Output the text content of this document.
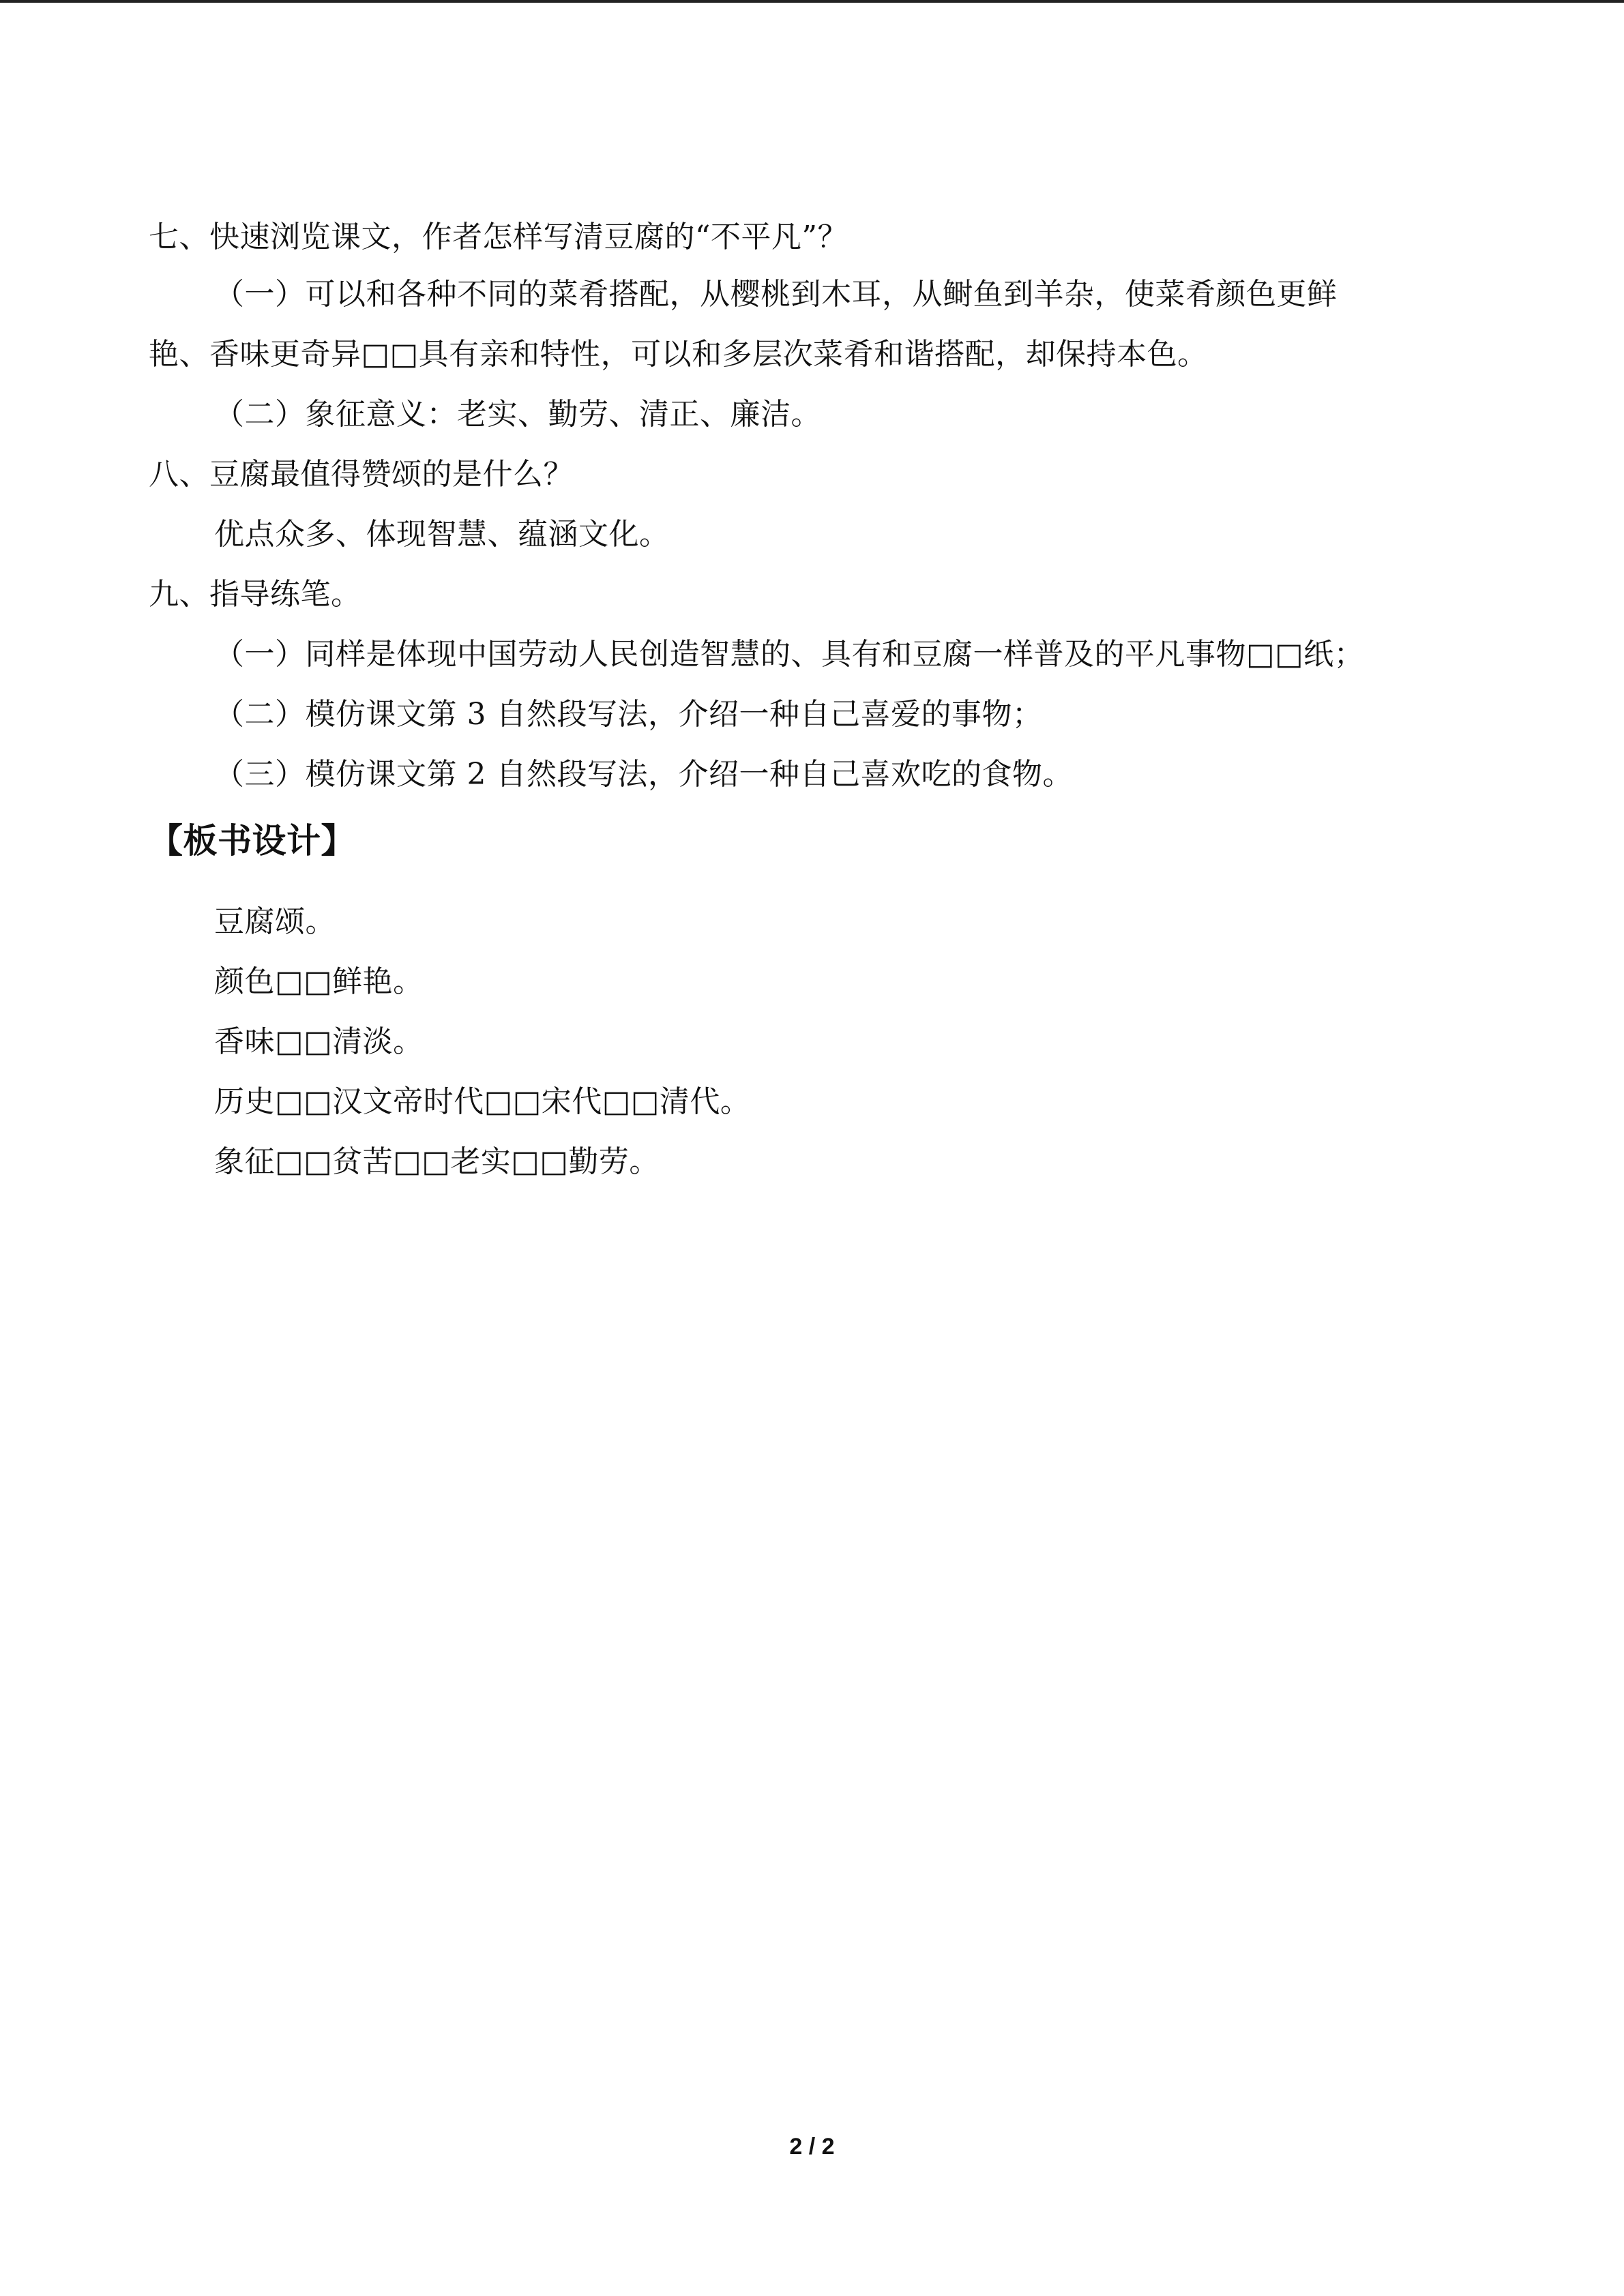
七、快速浏览课文，作者怎样写清豆腐的“不平凡”？
（一）可以和各种不同的菜肴搭配，从樱桃到木耳，从鲥鱼到羊杂，使菜肴颜色更鲜
艳、香味更奇异□□具有亲和特性，可以和多层次菜肴和谐搭配，却保持本色。
（二）象征意义：老实、勤劳、清正、廉洁。
八、豆腐最值得赞颂的是什么？
优点众多、体现智慧、蕴涵文化。
九、指导练笔。
（一）同样是体现中国劳动人民创造智慧的、具有和豆腐一样普及的平凡事物□□纸；
（二）模仿课文第 3 自然段写法，介绍一种自己喜爱的事物；
（三）模仿课文第 2 自然段写法，介绍一种自己喜欢吃的食物。
【板书设计】
豆腐颂。
颜色□□鲜艳。
香味□□清淡。
历史□□汉文帝时代□□宋代□□清代。
象征□□贫苦□□老实□□勤劳。
2 / 2
